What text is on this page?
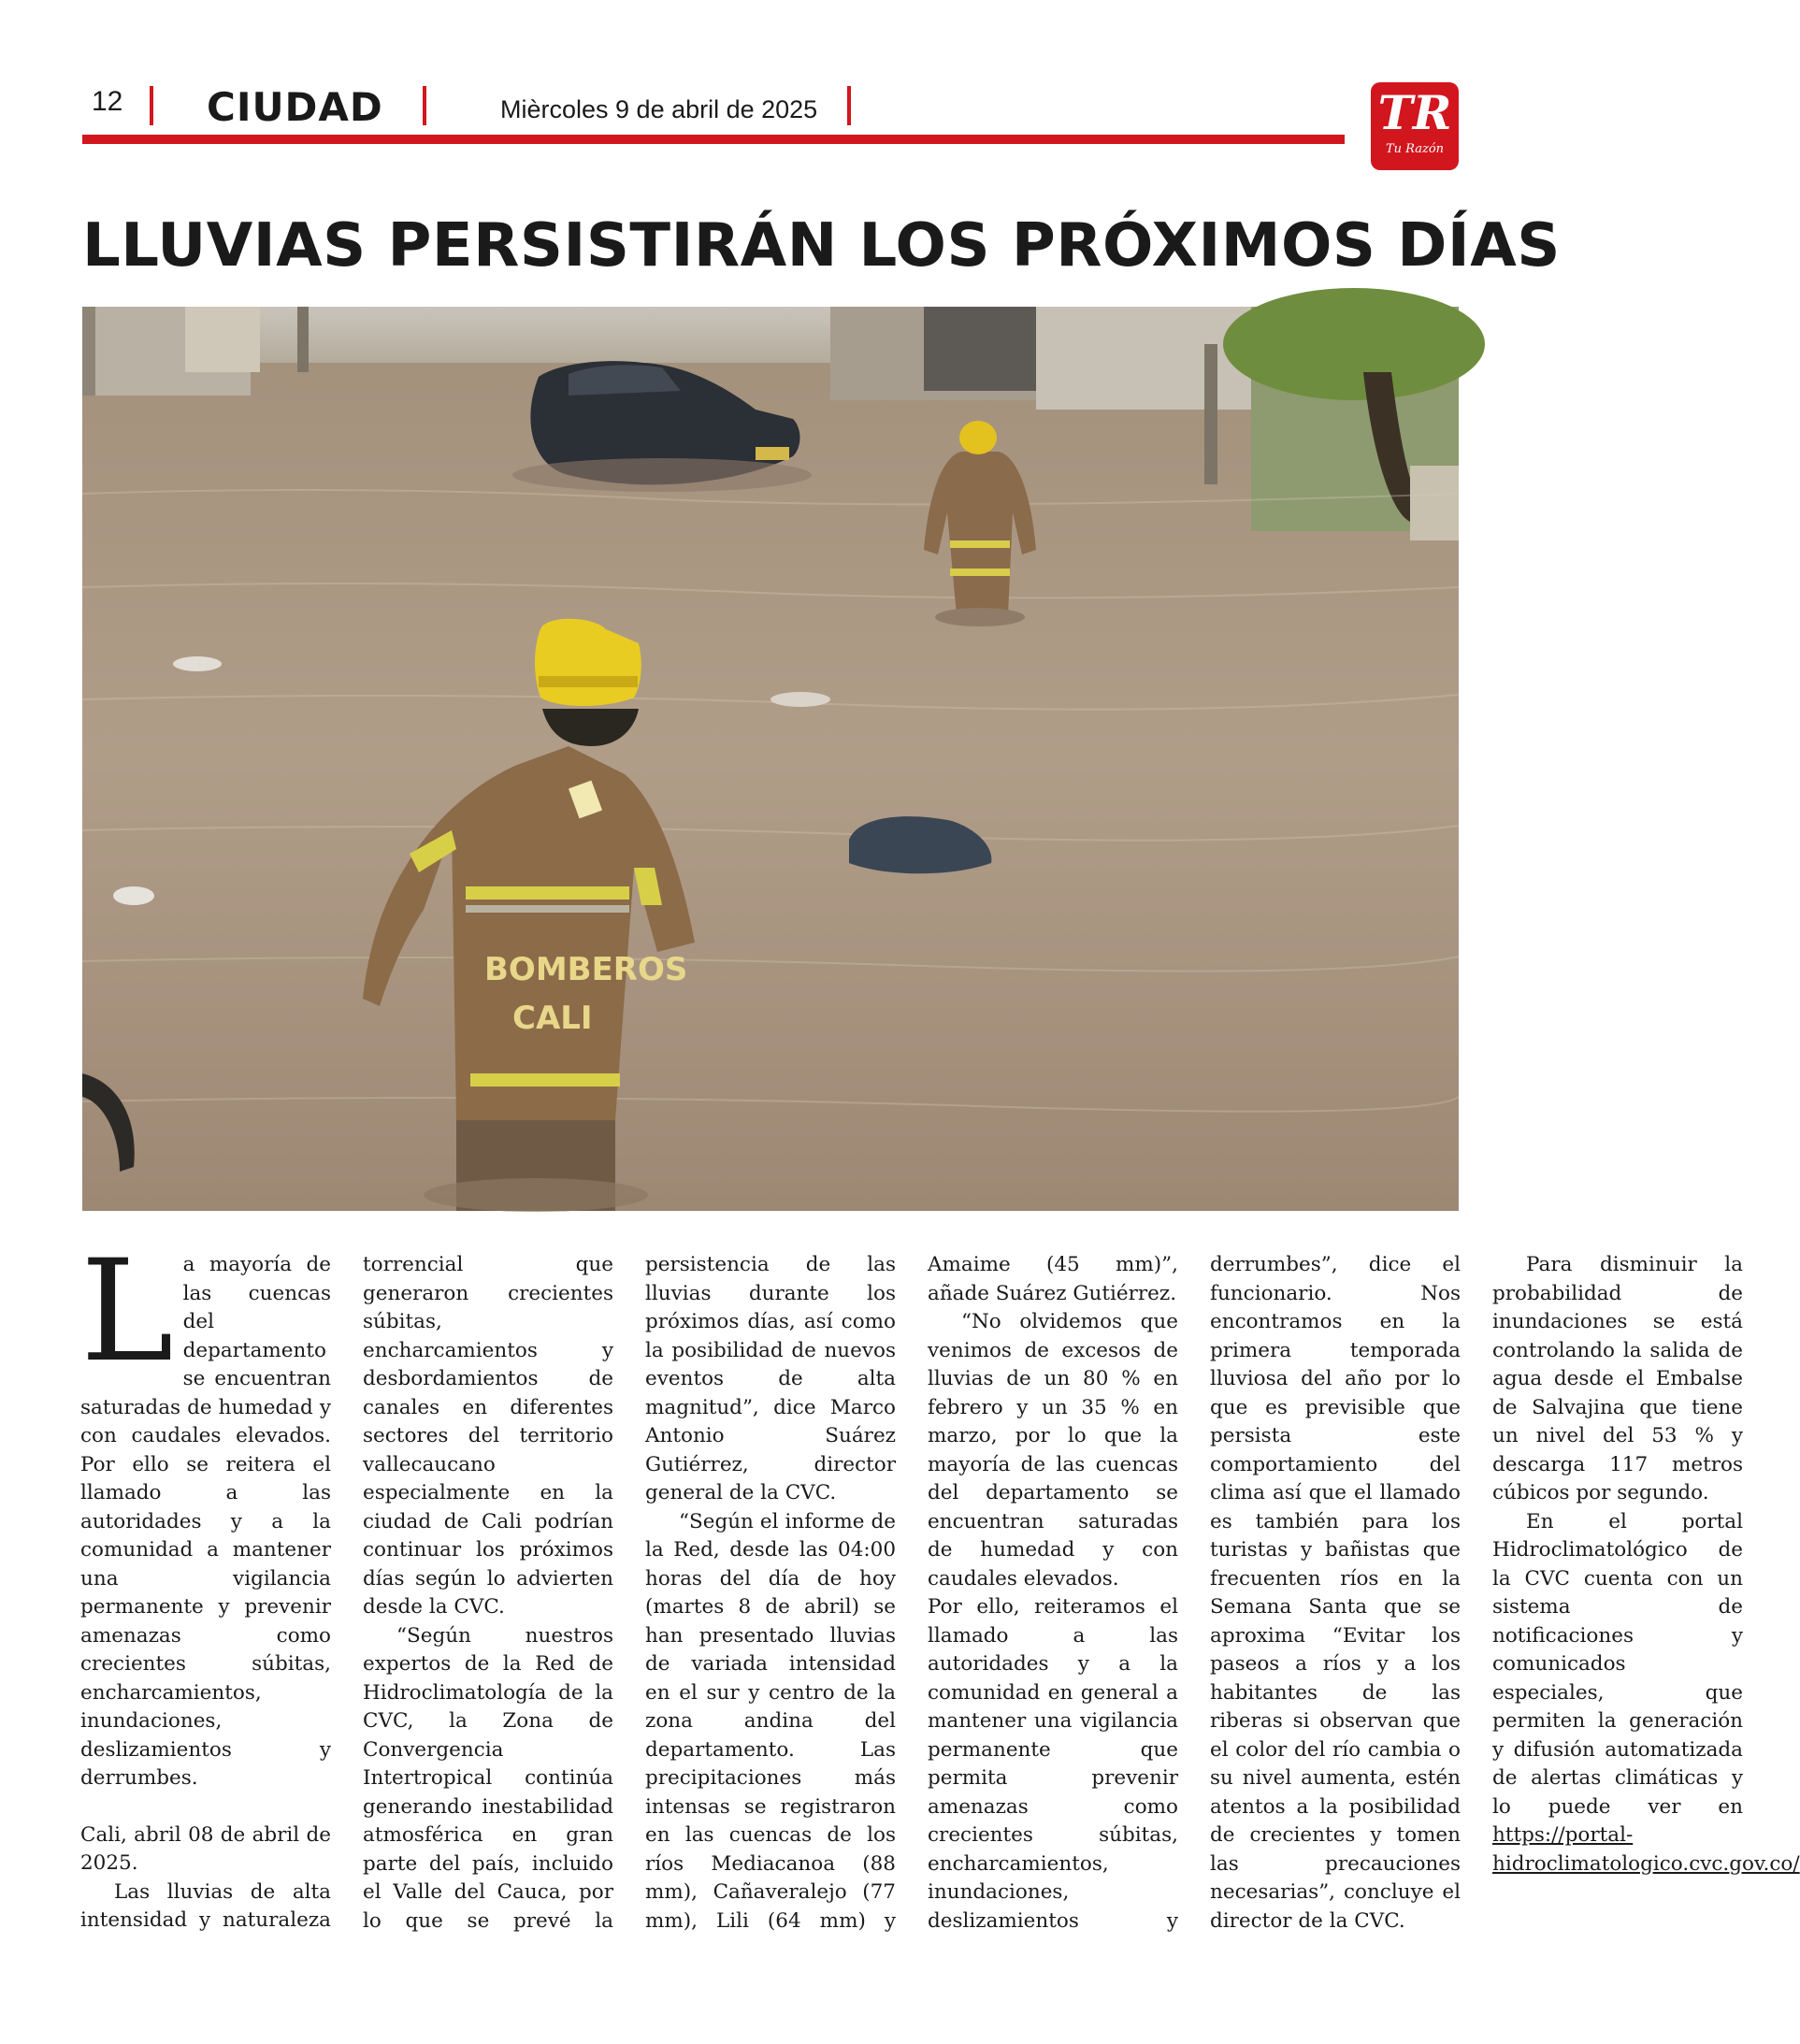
12 CIUDAD	Mièrcoles 9 de abril de 2025	TR
Tu Razón
LLUVIAS PERSISTIRÁN LOS PRÓXIMOS DÍAS
BOMBEROS
CALI

La mayoría de las cuencas del departamento se encuentran saturadas de humedad y con caudales elevados. Por ello se reitera el llamado a las autoridades y a la comunidad a mantener una vigilancia permanente y prevenir amenazas como crecientes súbitas, encharcamientos, inundaciones, deslizamientos y derrumbes.

Cali, abril 08 de abril de 2025.

Las lluvias de alta intensidad y naturaleza torrencial que generaron crecientes súbitas, encharcamientos y desbordamientos de canales en diferentes sectores del territorio vallecaucano especialmente en la ciudad de Cali podrían continuar los próximos días según lo advierten desde la CVC.

“Según nuestros expertos de la Red de Hidroclimatología de la CVC, la Zona de Convergencia Intertropical continúa generando inestabilidad atmosférica en gran parte del país, incluido el Valle del Cauca, por lo que se prevé la persistencia de las lluvias durante los próximos días, así como la posibilidad de nuevos eventos de alta magnitud”, dice Marco Antonio Suárez Gutiérrez, director general de la CVC.

“Según el informe de la Red, desde las 04:00 horas del día de hoy (martes 8 de abril) se han presentado lluvias de variada intensidad en el sur y centro de la zona andina del departamento. Las precipitaciones más intensas se registraron en las cuencas de los ríos Mediacanoa (88 mm), Cañaveralejo (77 mm), Lili (64 mm) y Amaime (45 mm)”, añade Suárez Gutiérrez.

“No olvidemos que venimos de excesos de lluvias de un 80 % en febrero y un 35 % en marzo, por lo que la mayoría de las cuencas del departamento se encuentran saturadas de humedad y con caudales elevados.

Por ello, reiteramos el llamado a las autoridades y a la comunidad en general a mantener una vigilancia permanente que permita prevenir amenazas como crecientes súbitas, encharcamientos, inundaciones, deslizamientos y derrumbes”, dice el funcionario. Nos encontramos en la primera temporada lluviosa del año por lo que es previsible que persista este comportamiento del clima así que el llamado es también para los turistas y bañistas que frecuenten ríos en la Semana Santa que se aproxima “Evitar los paseos a ríos y a los habitantes de las riberas si observan que el color del río cambia o su nivel aumenta, estén atentos a la posibilidad de crecientes y tomen las precauciones necesarias”, concluye el director de la CVC.

Para disminuir la probabilidad de inundaciones se está controlando la salida de agua desde el Embalse de Salvajina que tiene un nivel del 53 % y descarga 117 metros cúbicos por segundo.

En el portal Hidroclimatológico de la CVC cuenta con un sistema de notificaciones y comunicados especiales, que permiten la generación y difusión automatizada de alertas climáticas y lo puede ver en https://portal-hidroclimatologico.cvc.gov.co/
